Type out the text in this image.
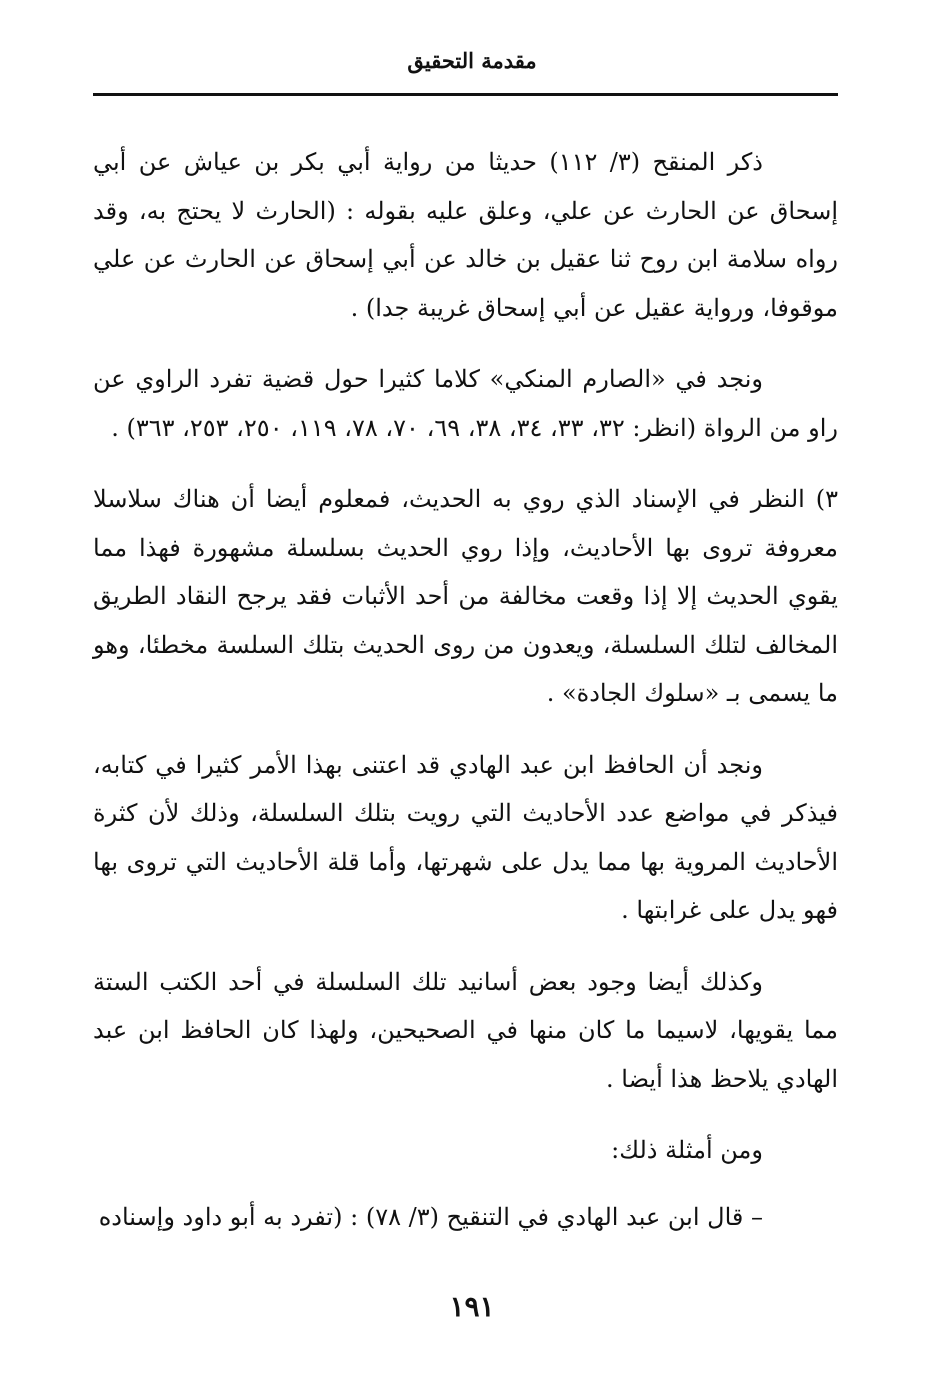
مقدمة التحقيق

ذكر المنقح (٣/ ١١٢) حديثا من رواية أبي بكر بن عياش عن أبي إسحاق عن الحارث عن علي، وعلق عليه بقوله : (الحارث لا يحتج به، وقد رواه سلامة ابن روح ثنا عقيل بن خالد عن أبي إسحاق عن الحارث عن علي موقوفا، ورواية عقيل عن أبي إسحاق غريبة جدا) .

ونجد في «الصارم المنكي» كلاما كثيرا حول قضية تفرد الراوي عن راو من الرواة (انظر: ٣٢، ٣٣، ٣٤، ٣٨، ٦٩، ٧٠، ٧٨، ١١٩، ٢٥٠، ٢٥٣، ٣٦٣) .

٣) النظر في الإسناد الذي روي به الحديث، فمعلوم أيضا أن هناك سلاسلا معروفة تروى بها الأحاديث، وإذا روي الحديث بسلسلة مشهورة فهذا مما يقوي الحديث إلا إذا وقعت مخالفة من أحد الأثبات فقد يرجح النقاد الطريق المخالف لتلك السلسلة، ويعدون من روى الحديث بتلك السلسة مخطئا، وهو ما يسمى بـ «سلوك الجادة» .

ونجد أن الحافظ ابن عبد الهادي قد اعتنى بهذا الأمر كثيرا في كتابه، فيذكر في مواضع عدد الأحاديث التي رويت بتلك السلسلة، وذلك لأن كثرة الأحاديث المروية بها مما يدل على شهرتها، وأما قلة الأحاديث التي تروى بها فهو يدل على غرابتها .

وكذلك أيضا وجود بعض أسانيد تلك السلسلة في أحد الكتب الستة مما يقويها، لاسيما ما كان منها في الصحيحين، ولهذا كان الحافظ ابن عبد الهادي يلاحظ هذا أيضا .

ومن أمثلة ذلك:

– قال ابن عبد الهادي في التنقيح (٣/ ٧٨) : (تفرد به أبو داود وإسناده

١٩١
